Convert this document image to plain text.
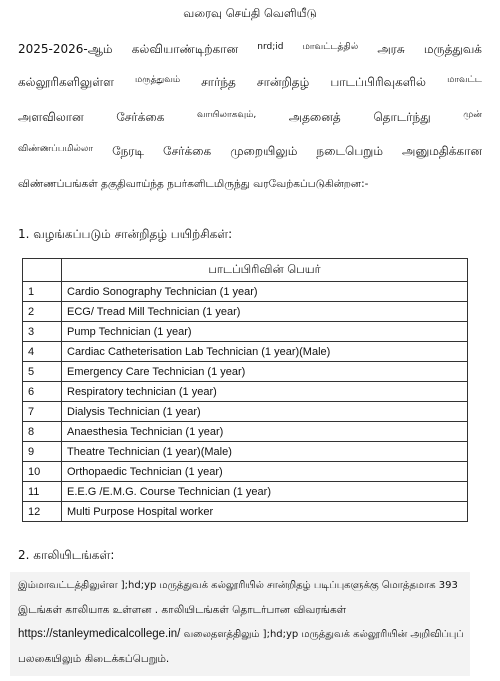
வரைவு செய்தி வெளியீடு
2025-2026-ஆம் கல்வியாண்டிற்கான nrd;id மாவட்டத்தில் அரசு மருத்துவக்
கல்லூரிகளிலுள்ள மருத்துவம் சார்ந்த சான்றிதழ் பாடப்பிரிவுகளில் மாவட்ட
அளவிலான	சேர்க்கை	வாயிலாகவும்,	அதனைத்	தொடர்ந்து	முன்
விண்ணப்பமில்லா நேரடி சேர்க்கை முறையிலும் நடைபெறும் அனுமதிக்கான
விண்ணப்பங்கள் தகுதிவாய்ந்த நபர்களிடமிருந்து வரவேற்கப்படுகின்றன:-
1. வழங்கப்படும் சான்றிதழ் பயிற்சிகள்:
	பாடப்பிரிவின் பெயர்
1	Cardio Sonography Technician (1 year)
2	ECG/ Tread Mill Technician (1 year)
3	Pump Technician (1 year)
4	Cardiac Catheterisation Lab Technician (1 year)(Male)
5	Emergency Care Technician (1 year)
6	Respiratory technician (1 year)
7	Dialysis Technician (1 year)
8	Anaesthesia Technician (1 year)
9	Theatre Technician (1 year)(Male)
10	Orthopaedic Technician (1 year)
11	E.E.G /E.M.G. Course Technician (1 year)
12	Multi Purpose Hospital worker
2. காலியிடங்கள்:
இம்மாவட்டத்திலுள்ள ];hd;yp மருத்துவக் கல்லூரியில் சான்றிதழ் படிப்புகளுக்கு மொத்தமாக 393
இடங்கள் காலியாக உள்ளன . காலியிடங்கள் தொடர்பான விவரங்கள்
https://stanleymedicalcollege.in/ வலைதளத்திலும் ];hd;yp மருத்துவக் கல்லூரியின் அறிவிப்புப்
பலகையிலும் கிடைக்கப்பெறும்.
